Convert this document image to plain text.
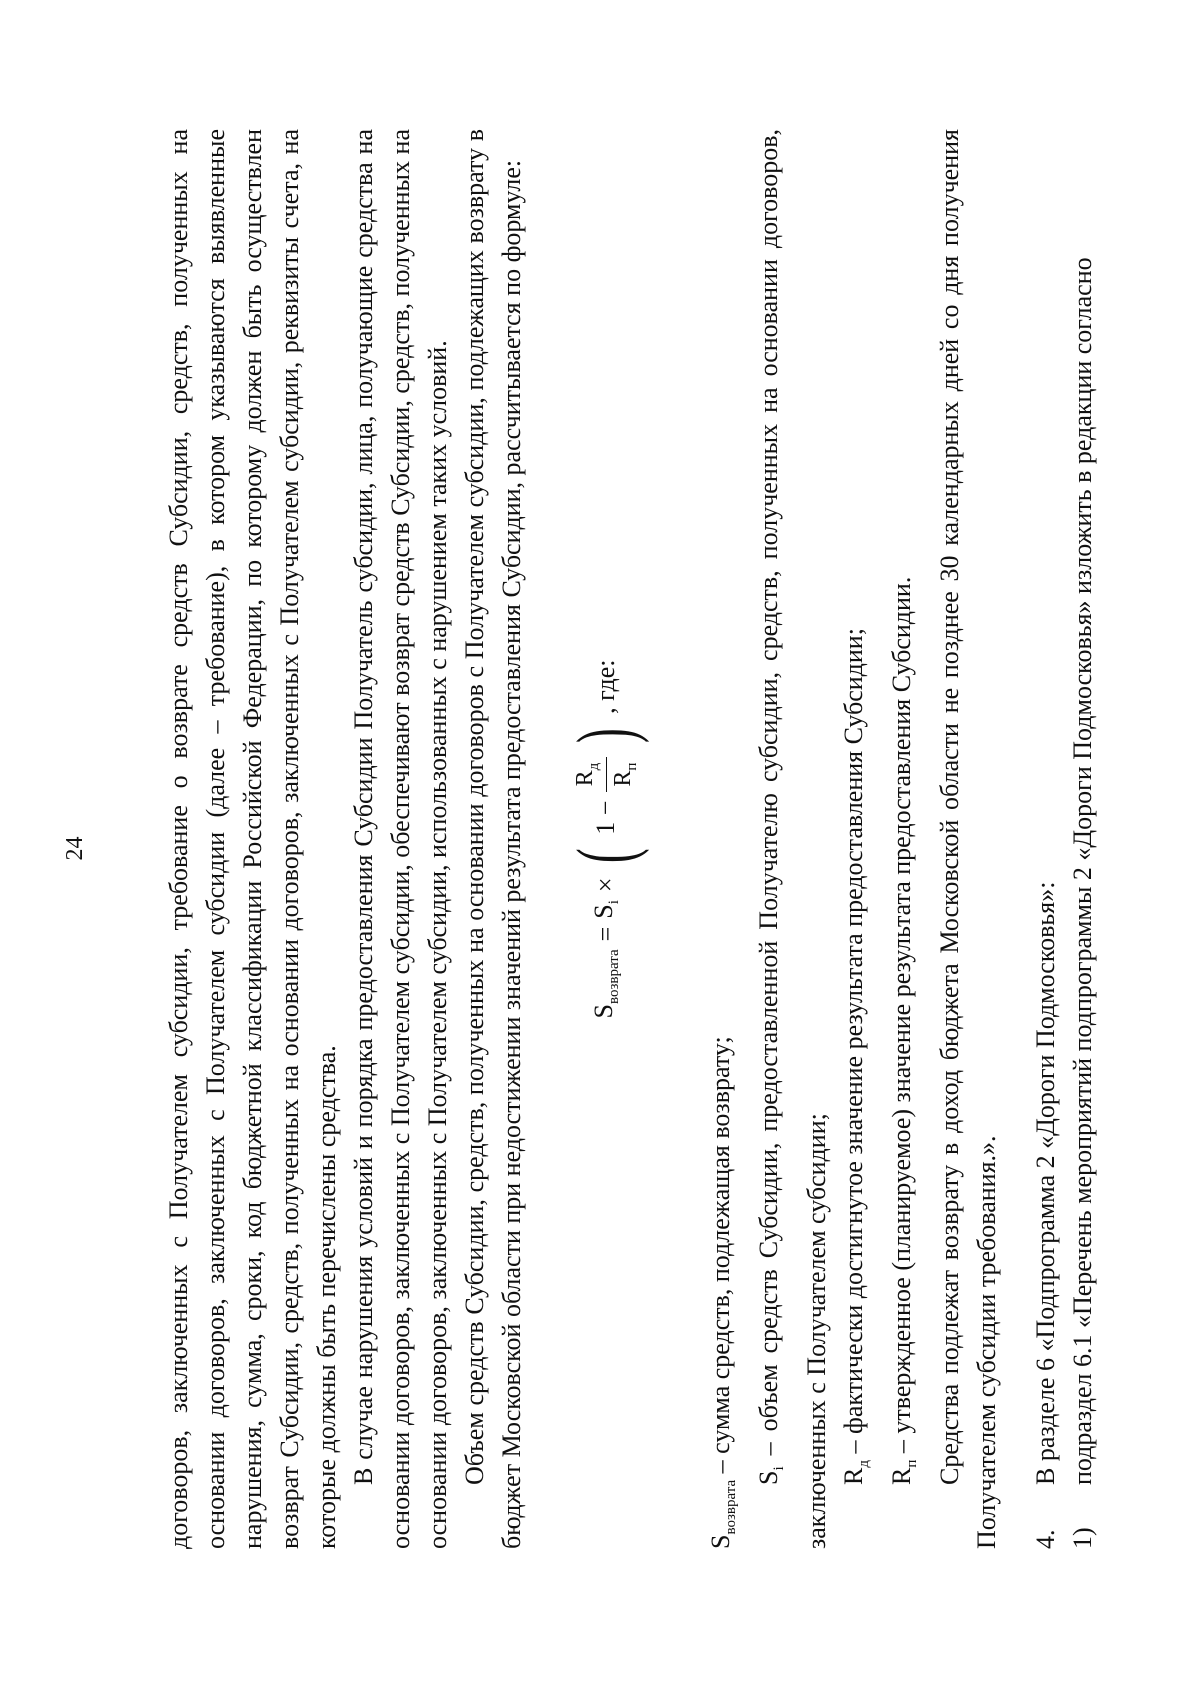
24	договоров, заключенных с Получателем субсидии, требование о возврате средств Субсидии, средств, полученных на основании договоров, заключенных с Получателем субсидии (далее – требование), в котором указываются выявленные нарушения, сумма, сроки, код бюджетной классификации Российской Федерации, по которому должен быть осуществлен возврат Субсидии, средств, полученных на основании договоров, заключенных с Получателем субсидии, реквизиты счета, на которые должны быть перечислены средства. В случае нарушения условий и порядка предоставления Субсидии Получатель субсидии, лица, получающие средства на основании договоров, заключенных с Получателем субсидии, обеспечивают возврат средств Субсидии, средств, полученных на основании договоров, заключенных с Получателем субсидии, использованных с нарушением таких условий. Объем средств Субсидии, средств, полученных на основании договоров с Получателем субсидии, подлежащих возврату в бюджет Московской области при недостижении значений результата предоставления Субсидии, рассчитывается по формуле: $S_{возврата}$
=
$S_i$
×
(
1 −
$R_д$
$R_п$
)
, где:

$S_{возврата}$ – сумма средств, подлежащая возврату; $S_i$ – объем средств Субсидии, предоставленной Получателю субсидии, средств, полученных на основании договоров, заключенных с Получателем субсидии; $R_д$ – фактически достигнутое значение результата предоставления Субсидии;

$R_п$ – утвержденное (планируемое) значение результата предоставления Субсидии. Средства подлежат возврату в доход бюджета Московской области не позднее 30 календарных дней со дня получения Получателем субсидии требования.». 4.
В разделе 6 «Подпрограмма 2 «Дороги Подмосковья»:
1)
подраздел 6.1 «Перечень мероприятий подпрограммы 2 «Дороги Подмосковья» изложить в редакции согласно
